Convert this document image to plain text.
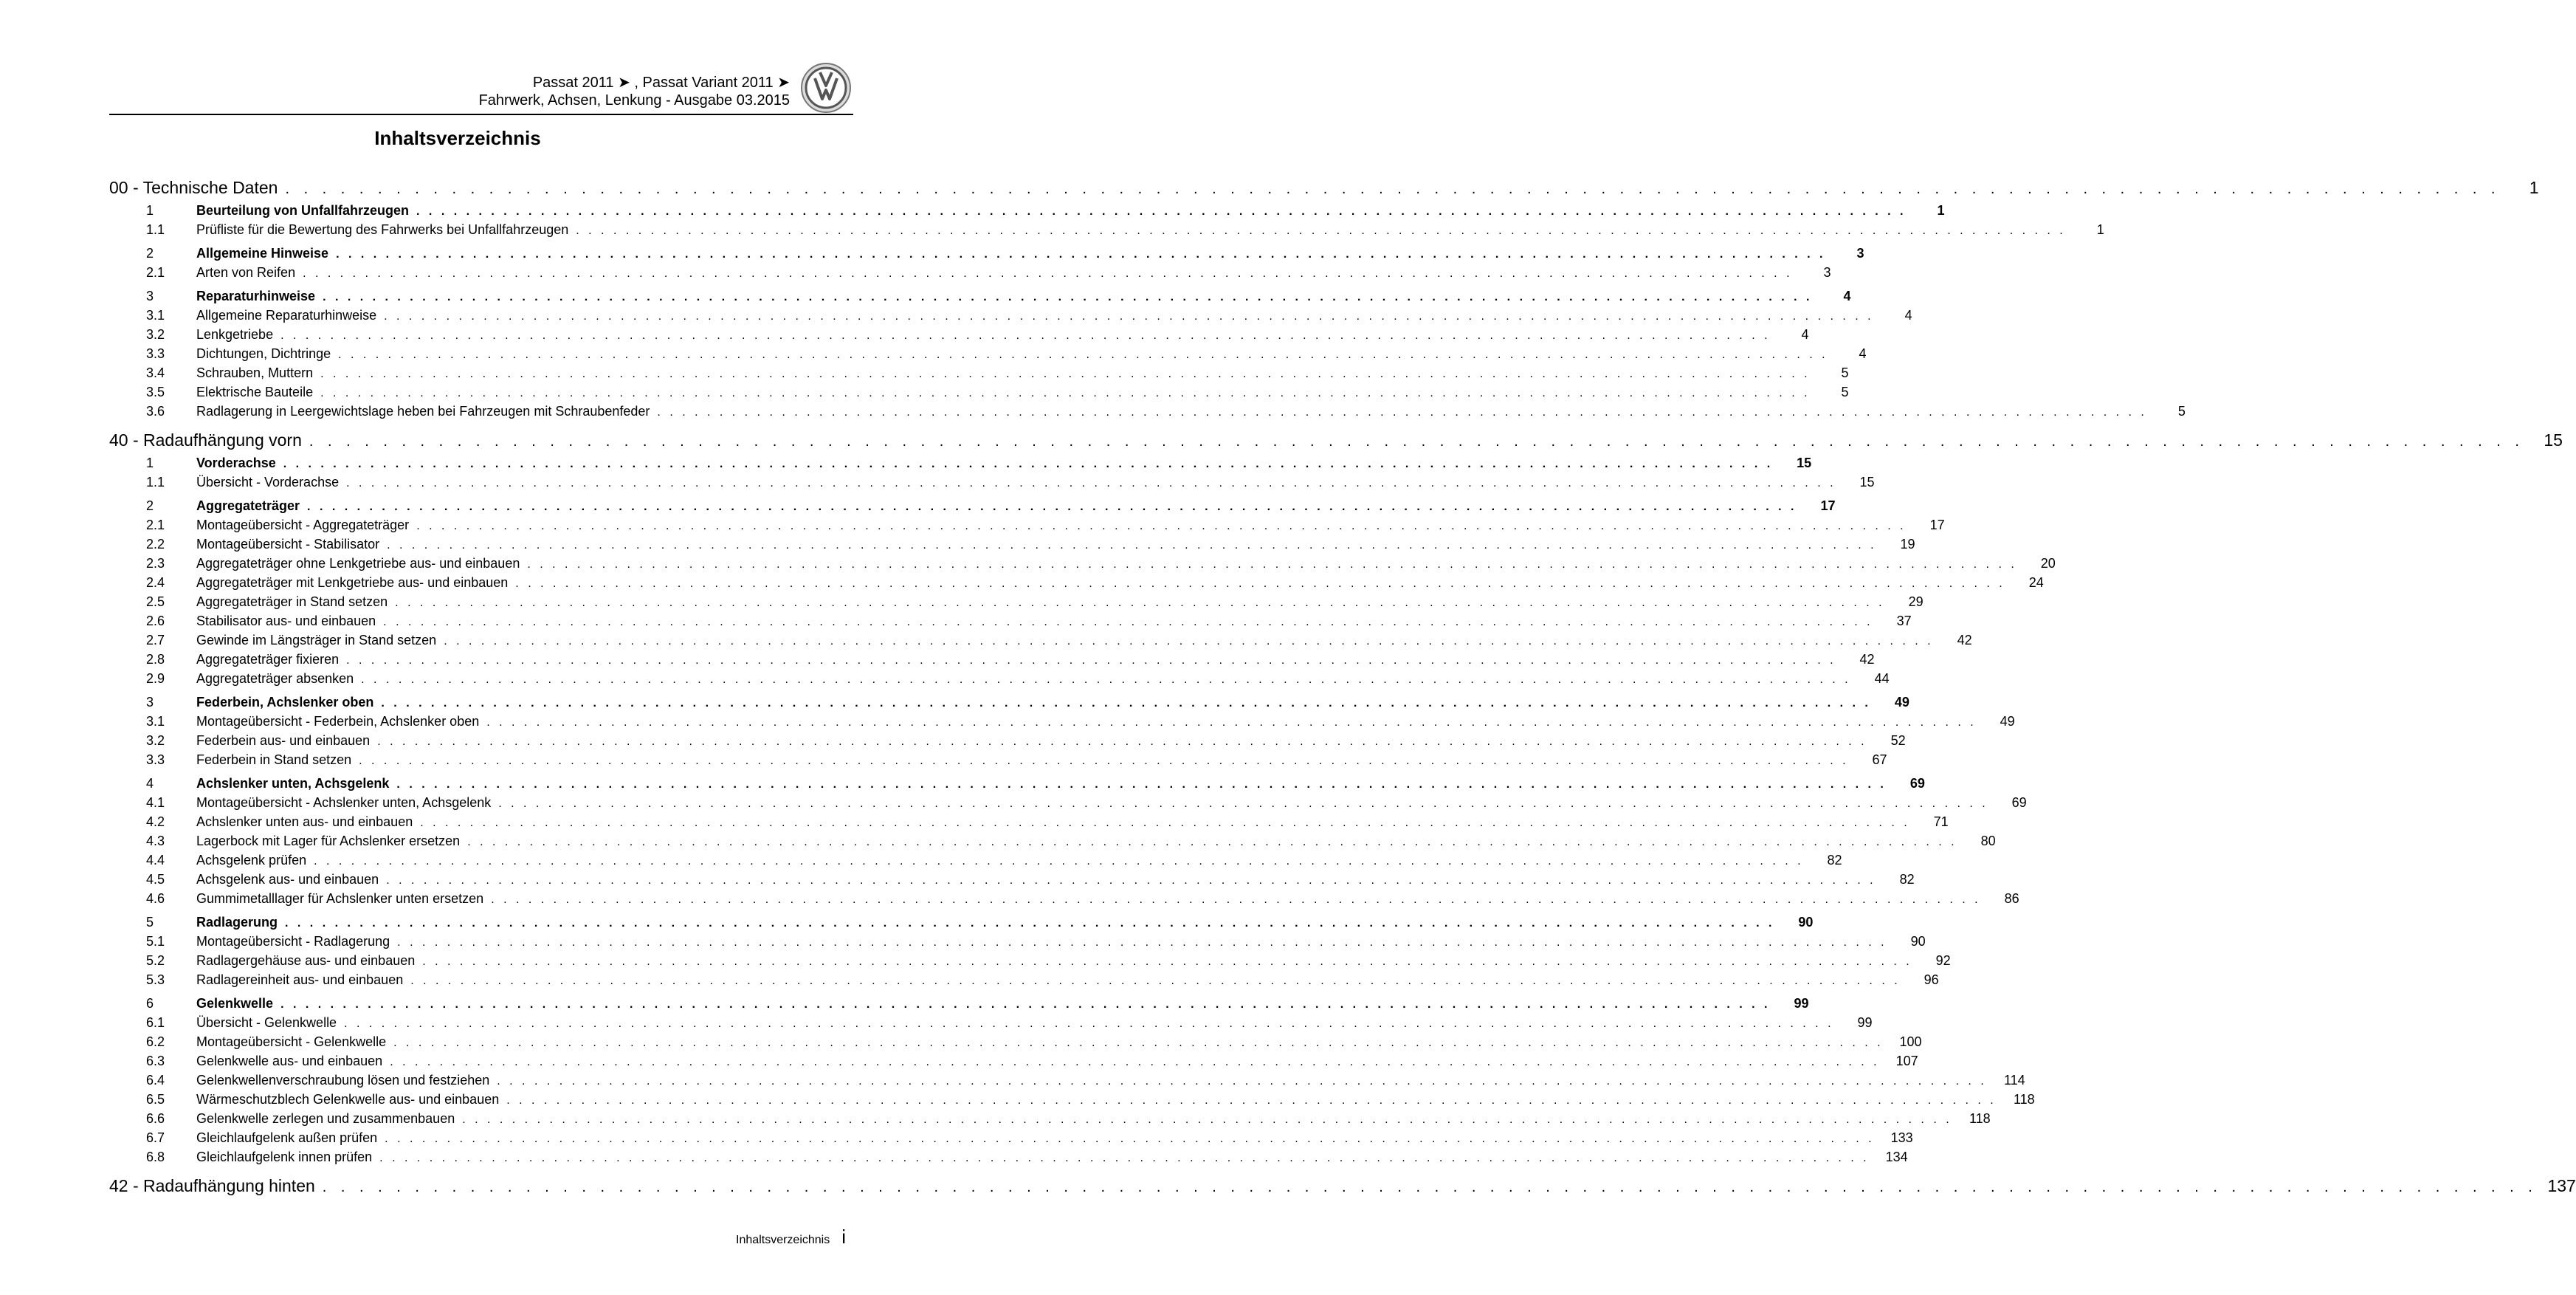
Passat 2011 ➤ , Passat Variant 2011 ➤
Fahrwerk, Achsen, Lenkung - Ausgabe 03.2015
Inhaltsverzeichnis
00 - Technische Daten . . . . . . . . . . . . . . . . . . . . . . . . . . . . . . . . . . . . . . . . . . . . . . . . . . . . . . . . . . . . . . . . . . . . . . . . . . . . . . . . . . . . . . . . . . . . . . . . . . . . . . . . . . . . . . . . . . . . . . . .	1
1	Beurteilung von Unfallfahrzeugen . . . . . . . . . . . . . . . . . . . . . . . . . . . . . . . . . . . . . . . . . . . . . . . . . . . . . . . . . . . . . . . . . . . . . . . . . . . . . . . . . . . . . . . . . . . . . . . . . . . . . . . . . . . . . . . . . . . . . . . .	1
1.1	Prüfliste für die Bewertung des Fahrwerks bei Unfallfahrzeugen . . . . . . . . . . . . . . . . . . . . . . . . . . . . . . . . . . . . . . . . . . . . . . . . . . . . . . . . . . . . . . . . . . . . . . . . . . . . . . . . . . . . . . . . . . . . . . . . . . . . . . . . . . . . . . . . . . . . . . . .	1
2	Allgemeine Hinweise . . . . . . . . . . . . . . . . . . . . . . . . . . . . . . . . . . . . . . . . . . . . . . . . . . . . . . . . . . . . . . . . . . . . . . . . . . . . . . . . . . . . . . . . . . . . . . . . . . . . . . . . . . . . . . . . . . . . . . . .	3
2.1	Arten von Reifen . . . . . . . . . . . . . . . . . . . . . . . . . . . . . . . . . . . . . . . . . . . . . . . . . . . . . . . . . . . . . . . . . . . . . . . . . . . . . . . . . . . . . . . . . . . . . . . . . . . . . . . . . . . . . . . . . . . . . . . .	3
3	Reparaturhinweise . . . . . . . . . . . . . . . . . . . . . . . . . . . . . . . . . . . . . . . . . . . . . . . . . . . . . . . . . . . . . . . . . . . . . . . . . . . . . . . . . . . . . . . . . . . . . . . . . . . . . . . . . . . . . . . . . . . . . . . .	4
3.1	Allgemeine Reparaturhinweise . . . . . . . . . . . . . . . . . . . . . . . . . . . . . . . . . . . . . . . . . . . . . . . . . . . . . . . . . . . . . . . . . . . . . . . . . . . . . . . . . . . . . . . . . . . . . . . . . . . . . . . . . . . . . . . . . . . . . . . .	4
3.2	Lenkgetriebe . . . . . . . . . . . . . . . . . . . . . . . . . . . . . . . . . . . . . . . . . . . . . . . . . . . . . . . . . . . . . . . . . . . . . . . . . . . . . . . . . . . . . . . . . . . . . . . . . . . . . . . . . . . . . . . . . . . . . . . .	4
3.3	Dichtungen, Dichtringe . . . . . . . . . . . . . . . . . . . . . . . . . . . . . . . . . . . . . . . . . . . . . . . . . . . . . . . . . . . . . . . . . . . . . . . . . . . . . . . . . . . . . . . . . . . . . . . . . . . . . . . . . . . . . . . . . . . . . . . .	4
3.4	Schrauben, Muttern . . . . . . . . . . . . . . . . . . . . . . . . . . . . . . . . . . . . . . . . . . . . . . . . . . . . . . . . . . . . . . . . . . . . . . . . . . . . . . . . . . . . . . . . . . . . . . . . . . . . . . . . . . . . . . . . . . . . . . . .	5
3.5	Elektrische Bauteile . . . . . . . . . . . . . . . . . . . . . . . . . . . . . . . . . . . . . . . . . . . . . . . . . . . . . . . . . . . . . . . . . . . . . . . . . . . . . . . . . . . . . . . . . . . . . . . . . . . . . . . . . . . . . . . . . . . . . . . .	5
3.6	Radlagerung in Leergewichtslage heben bei Fahrzeugen mit Schraubenfeder . . . . . . . . . . . . . . . . . . . . . . . . . . . . . . . . . . . . . . . . . . . . . . . . . . . . . . . . . . . . . . . . . . . . . . . . . . . . . . . . . . . . . . . . . . . . . . . . . . . . . . . . . . . . . . . . . . . . . . . .	5
40 - Radaufhängung vorn . . . . . . . . . . . . . . . . . . . . . . . . . . . . . . . . . . . . . . . . . . . . . . . . . . . . . . . . . . . . . . . . . . . . . . . . . . . . . . . . . . . . . . . . . . . . . . . . . . . . . . . . . . . . . . . . . . . . . . . .	15
1	Vorderachse . . . . . . . . . . . . . . . . . . . . . . . . . . . . . . . . . . . . . . . . . . . . . . . . . . . . . . . . . . . . . . . . . . . . . . . . . . . . . . . . . . . . . . . . . . . . . . . . . . . . . . . . . . . . . . . . . . . . . . . .	15
1.1	Übersicht - Vorderachse . . . . . . . . . . . . . . . . . . . . . . . . . . . . . . . . . . . . . . . . . . . . . . . . . . . . . . . . . . . . . . . . . . . . . . . . . . . . . . . . . . . . . . . . . . . . . . . . . . . . . . . . . . . . . . . . . . . . . . . .	15
2	Aggregateträger . . . . . . . . . . . . . . . . . . . . . . . . . . . . . . . . . . . . . . . . . . . . . . . . . . . . . . . . . . . . . . . . . . . . . . . . . . . . . . . . . . . . . . . . . . . . . . . . . . . . . . . . . . . . . . . . . . . . . . . .	17
2.1	Montageübersicht - Aggregateträger . . . . . . . . . . . . . . . . . . . . . . . . . . . . . . . . . . . . . . . . . . . . . . . . . . . . . . . . . . . . . . . . . . . . . . . . . . . . . . . . . . . . . . . . . . . . . . . . . . . . . . . . . . . . . . . . . . . . . . . .	17
2.2	Montageübersicht - Stabilisator . . . . . . . . . . . . . . . . . . . . . . . . . . . . . . . . . . . . . . . . . . . . . . . . . . . . . . . . . . . . . . . . . . . . . . . . . . . . . . . . . . . . . . . . . . . . . . . . . . . . . . . . . . . . . . . . . . . . . . . .	19
2.3	Aggregateträger ohne Lenkgetriebe aus- und einbauen . . . . . . . . . . . . . . . . . . . . . . . . . . . . . . . . . . . . . . . . . . . . . . . . . . . . . . . . . . . . . . . . . . . . . . . . . . . . . . . . . . . . . . . . . . . . . . . . . . . . . . . . . . . . . . . . . . . . . . . .	20
2.4	Aggregateträger mit Lenkgetriebe aus- und einbauen . . . . . . . . . . . . . . . . . . . . . . . . . . . . . . . . . . . . . . . . . . . . . . . . . . . . . . . . . . . . . . . . . . . . . . . . . . . . . . . . . . . . . . . . . . . . . . . . . . . . . . . . . . . . . . . . . . . . . . . .	24
2.5	Aggregateträger in Stand setzen . . . . . . . . . . . . . . . . . . . . . . . . . . . . . . . . . . . . . . . . . . . . . . . . . . . . . . . . . . . . . . . . . . . . . . . . . . . . . . . . . . . . . . . . . . . . . . . . . . . . . . . . . . . . . . . . . . . . . . . .	29
2.6	Stabilisator aus- und einbauen . . . . . . . . . . . . . . . . . . . . . . . . . . . . . . . . . . . . . . . . . . . . . . . . . . . . . . . . . . . . . . . . . . . . . . . . . . . . . . . . . . . . . . . . . . . . . . . . . . . . . . . . . . . . . . . . . . . . . . . .	37
2.7	Gewinde im Längsträger in Stand setzen . . . . . . . . . . . . . . . . . . . . . . . . . . . . . . . . . . . . . . . . . . . . . . . . . . . . . . . . . . . . . . . . . . . . . . . . . . . . . . . . . . . . . . . . . . . . . . . . . . . . . . . . . . . . . . . . . . . . . . . .	42
2.8	Aggregateträger fixieren . . . . . . . . . . . . . . . . . . . . . . . . . . . . . . . . . . . . . . . . . . . . . . . . . . . . . . . . . . . . . . . . . . . . . . . . . . . . . . . . . . . . . . . . . . . . . . . . . . . . . . . . . . . . . . . . . . . . . . . .	42
2.9	Aggregateträger absenken . . . . . . . . . . . . . . . . . . . . . . . . . . . . . . . . . . . . . . . . . . . . . . . . . . . . . . . . . . . . . . . . . . . . . . . . . . . . . . . . . . . . . . . . . . . . . . . . . . . . . . . . . . . . . . . . . . . . . . . .	44
3	Federbein, Achslenker oben . . . . . . . . . . . . . . . . . . . . . . . . . . . . . . . . . . . . . . . . . . . . . . . . . . . . . . . . . . . . . . . . . . . . . . . . . . . . . . . . . . . . . . . . . . . . . . . . . . . . . . . . . . . . . . . . . . . . . . . .	49
3.1	Montageübersicht - Federbein, Achslenker oben . . . . . . . . . . . . . . . . . . . . . . . . . . . . . . . . . . . . . . . . . . . . . . . . . . . . . . . . . . . . . . . . . . . . . . . . . . . . . . . . . . . . . . . . . . . . . . . . . . . . . . . . . . . . . . . . . . . . . . . .	49
3.2	Federbein aus- und einbauen . . . . . . . . . . . . . . . . . . . . . . . . . . . . . . . . . . . . . . . . . . . . . . . . . . . . . . . . . . . . . . . . . . . . . . . . . . . . . . . . . . . . . . . . . . . . . . . . . . . . . . . . . . . . . . . . . . . . . . . .	52
3.3	Federbein in Stand setzen . . . . . . . . . . . . . . . . . . . . . . . . . . . . . . . . . . . . . . . . . . . . . . . . . . . . . . . . . . . . . . . . . . . . . . . . . . . . . . . . . . . . . . . . . . . . . . . . . . . . . . . . . . . . . . . . . . . . . . . .	67
4	Achslenker unten, Achsgelenk . . . . . . . . . . . . . . . . . . . . . . . . . . . . . . . . . . . . . . . . . . . . . . . . . . . . . . . . . . . . . . . . . . . . . . . . . . . . . . . . . . . . . . . . . . . . . . . . . . . . . . . . . . . . . . . . . . . . . . . .	69
4.1	Montageübersicht - Achslenker unten, Achsgelenk . . . . . . . . . . . . . . . . . . . . . . . . . . . . . . . . . . . . . . . . . . . . . . . . . . . . . . . . . . . . . . . . . . . . . . . . . . . . . . . . . . . . . . . . . . . . . . . . . . . . . . . . . . . . . . . . . . . . . . . .	69
4.2	Achslenker unten aus- und einbauen . . . . . . . . . . . . . . . . . . . . . . . . . . . . . . . . . . . . . . . . . . . . . . . . . . . . . . . . . . . . . . . . . . . . . . . . . . . . . . . . . . . . . . . . . . . . . . . . . . . . . . . . . . . . . . . . . . . . . . . .	71
4.3	Lagerbock mit Lager für Achslenker ersetzen . . . . . . . . . . . . . . . . . . . . . . . . . . . . . . . . . . . . . . . . . . . . . . . . . . . . . . . . . . . . . . . . . . . . . . . . . . . . . . . . . . . . . . . . . . . . . . . . . . . . . . . . . . . . . . . . . . . . . . . .	80
4.4	Achsgelenk prüfen . . . . . . . . . . . . . . . . . . . . . . . . . . . . . . . . . . . . . . . . . . . . . . . . . . . . . . . . . . . . . . . . . . . . . . . . . . . . . . . . . . . . . . . . . . . . . . . . . . . . . . . . . . . . . . . . . . . . . . . .	82
4.5	Achsgelenk aus- und einbauen . . . . . . . . . . . . . . . . . . . . . . . . . . . . . . . . . . . . . . . . . . . . . . . . . . . . . . . . . . . . . . . . . . . . . . . . . . . . . . . . . . . . . . . . . . . . . . . . . . . . . . . . . . . . . . . . . . . . . . . .	82
4.6	Gummimetalllager für Achslenker unten ersetzen . . . . . . . . . . . . . . . . . . . . . . . . . . . . . . . . . . . . . . . . . . . . . . . . . . . . . . . . . . . . . . . . . . . . . . . . . . . . . . . . . . . . . . . . . . . . . . . . . . . . . . . . . . . . . . . . . . . . . . . .	86
5	Radlagerung . . . . . . . . . . . . . . . . . . . . . . . . . . . . . . . . . . . . . . . . . . . . . . . . . . . . . . . . . . . . . . . . . . . . . . . . . . . . . . . . . . . . . . . . . . . . . . . . . . . . . . . . . . . . . . . . . . . . . . . .	90
5.1	Montageübersicht - Radlagerung . . . . . . . . . . . . . . . . . . . . . . . . . . . . . . . . . . . . . . . . . . . . . . . . . . . . . . . . . . . . . . . . . . . . . . . . . . . . . . . . . . . . . . . . . . . . . . . . . . . . . . . . . . . . . . . . . . . . . . . .	90
5.2	Radlagergehäuse aus- und einbauen . . . . . . . . . . . . . . . . . . . . . . . . . . . . . . . . . . . . . . . . . . . . . . . . . . . . . . . . . . . . . . . . . . . . . . . . . . . . . . . . . . . . . . . . . . . . . . . . . . . . . . . . . . . . . . . . . . . . . . . .	92
5.3	Radlagereinheit aus- und einbauen . . . . . . . . . . . . . . . . . . . . . . . . . . . . . . . . . . . . . . . . . . . . . . . . . . . . . . . . . . . . . . . . . . . . . . . . . . . . . . . . . . . . . . . . . . . . . . . . . . . . . . . . . . . . . . . . . . . . . . . .	96
6	Gelenkwelle . . . . . . . . . . . . . . . . . . . . . . . . . . . . . . . . . . . . . . . . . . . . . . . . . . . . . . . . . . . . . . . . . . . . . . . . . . . . . . . . . . . . . . . . . . . . . . . . . . . . . . . . . . . . . . . . . . . . . . . .	99
6.1	Übersicht - Gelenkwelle . . . . . . . . . . . . . . . . . . . . . . . . . . . . . . . . . . . . . . . . . . . . . . . . . . . . . . . . . . . . . . . . . . . . . . . . . . . . . . . . . . . . . . . . . . . . . . . . . . . . . . . . . . . . . . . . . . . . . . . .	99
6.2	Montageübersicht - Gelenkwelle . . . . . . . . . . . . . . . . . . . . . . . . . . . . . . . . . . . . . . . . . . . . . . . . . . . . . . . . . . . . . . . . . . . . . . . . . . . . . . . . . . . . . . . . . . . . . . . . . . . . . . . . . . . . . . . . . . . . . . . .	100
6.3	Gelenkwelle aus- und einbauen . . . . . . . . . . . . . . . . . . . . . . . . . . . . . . . . . . . . . . . . . . . . . . . . . . . . . . . . . . . . . . . . . . . . . . . . . . . . . . . . . . . . . . . . . . . . . . . . . . . . . . . . . . . . . . . . . . . . . . . .	107
6.4	Gelenkwellenverschraubung lösen und festziehen . . . . . . . . . . . . . . . . . . . . . . . . . . . . . . . . . . . . . . . . . . . . . . . . . . . . . . . . . . . . . . . . . . . . . . . . . . . . . . . . . . . . . . . . . . . . . . . . . . . . . . . . . . . . . . . . . . . . . . . .	114
6.5	Wärmeschutzblech Gelenkwelle aus- und einbauen . . . . . . . . . . . . . . . . . . . . . . . . . . . . . . . . . . . . . . . . . . . . . . . . . . . . . . . . . . . . . . . . . . . . . . . . . . . . . . . . . . . . . . . . . . . . . . . . . . . . . . . . . . . . . . . . . . . . . . . .	118
6.6	Gelenkwelle zerlegen und zusammenbauen . . . . . . . . . . . . . . . . . . . . . . . . . . . . . . . . . . . . . . . . . . . . . . . . . . . . . . . . . . . . . . . . . . . . . . . . . . . . . . . . . . . . . . . . . . . . . . . . . . . . . . . . . . . . . . . . . . . . . . . .	118
6.7	Gleichlaufgelenk außen prüfen . . . . . . . . . . . . . . . . . . . . . . . . . . . . . . . . . . . . . . . . . . . . . . . . . . . . . . . . . . . . . . . . . . . . . . . . . . . . . . . . . . . . . . . . . . . . . . . . . . . . . . . . . . . . . . . . . . . . . . . .	133
6.8	Gleichlaufgelenk innen prüfen . . . . . . . . . . . . . . . . . . . . . . . . . . . . . . . . . . . . . . . . . . . . . . . . . . . . . . . . . . . . . . . . . . . . . . . . . . . . . . . . . . . . . . . . . . . . . . . . . . . . . . . . . . . . . . . . . . . . . . . .	134
42 - Radaufhängung hinten . . . . . . . . . . . . . . . . . . . . . . . . . . . . . . . . . . . . . . . . . . . . . . . . . . . . . . . . . . . . . . . . . . . . . . . . . . . . . . . . . . . . . . . . . . . . . . . . . . . . . . . . . . . . . . . . . . . . . . . . 137
Inhaltsverzeichnis i
